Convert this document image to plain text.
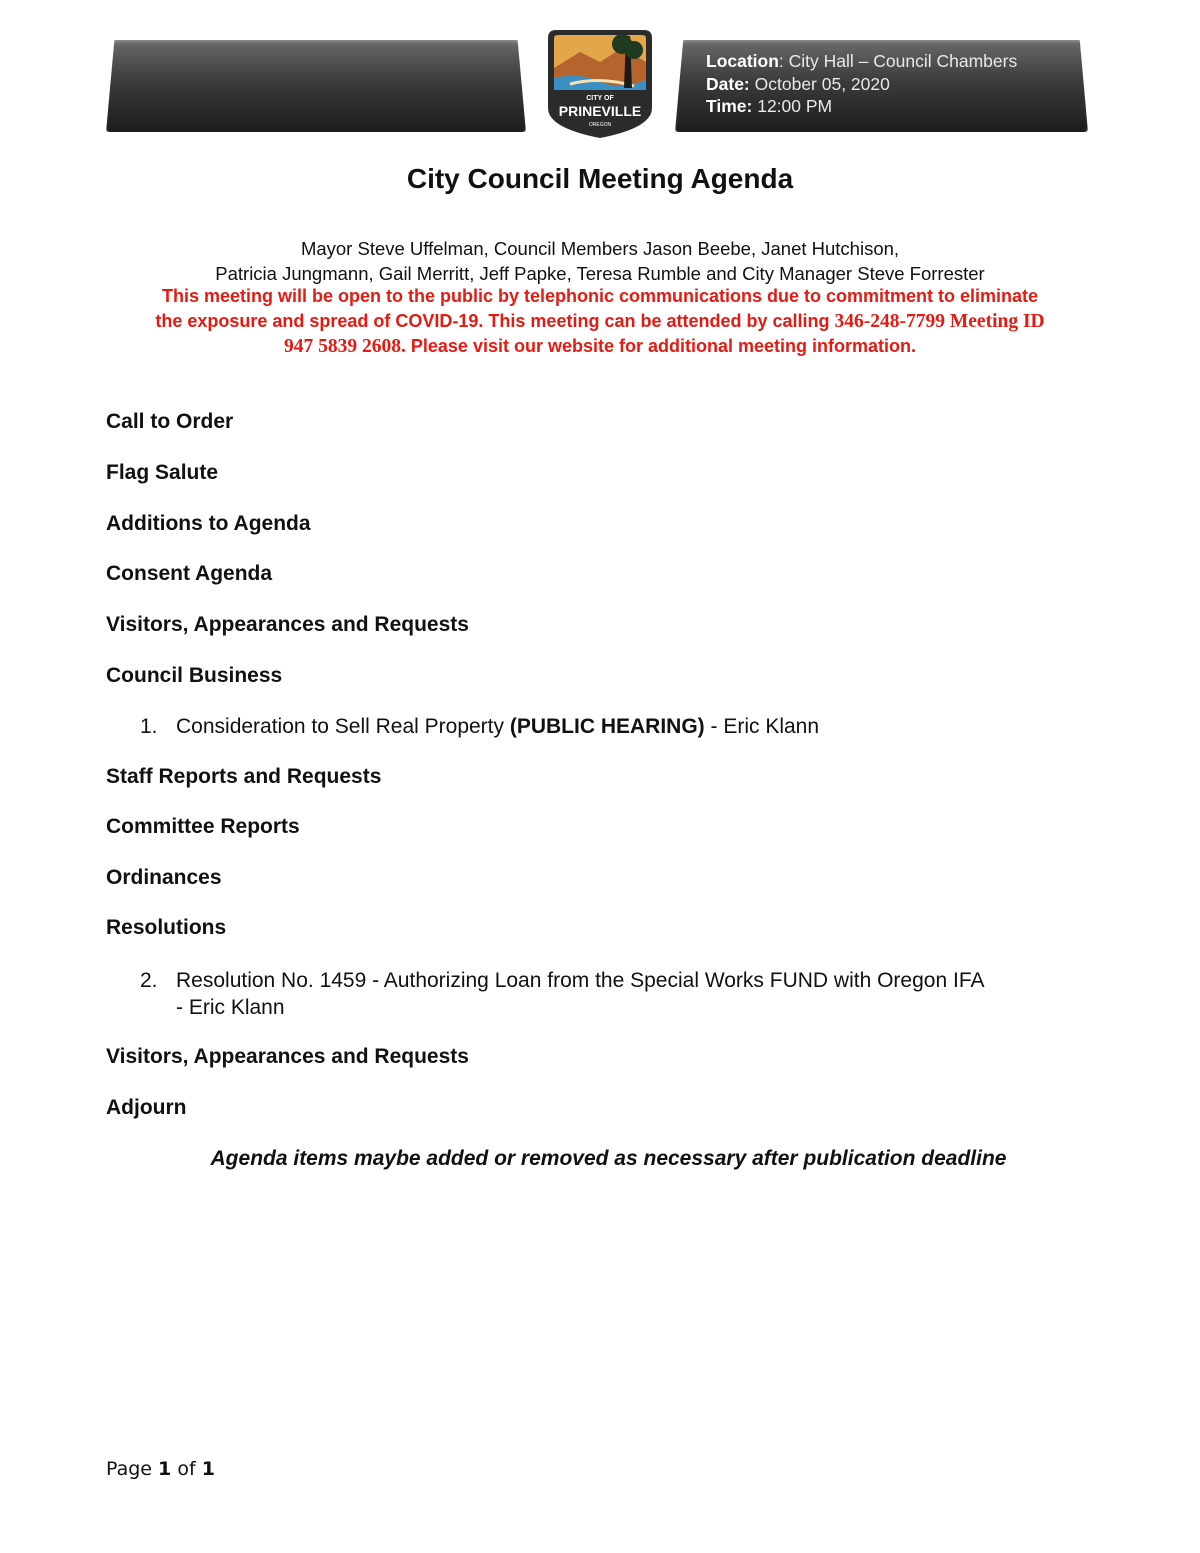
Location: City Hall – Council Chambers
Date: October 05, 2020
Time: 12:00 PM
CITY OF
PRINEVILLE
OREGON
City Council Meeting Agenda
Mayor Steve Uffelman, Council Members Jason Beebe, Janet Hutchison,
Patricia Jungmann, Gail Merritt, Jeff Papke, Teresa Rumble and City Manager Steve Forrester
This meeting will be open to the public by telephonic communications due to commitment to eliminate
the exposure and spread of COVID-19. This meeting can be attended by calling 346-248-7799 Meeting ID
947 5839 2608. Please visit our website for additional meeting information.
Call to Order
Flag Salute
Additions to Agenda
Consent Agenda
Visitors, Appearances and Requests
Council Business
1. Consideration to Sell Real Property (PUBLIC HEARING) - Eric Klann
Staff Reports and Requests
Committee Reports
Ordinances
Resolutions
2. Resolution No. 1459 - Authorizing Loan from the Special Works FUND with Oregon IFA
- Eric Klann
Visitors, Appearances and Requests
Adjourn
Agenda items maybe added or removed as necessary after publication deadline
Page 1 of 1
